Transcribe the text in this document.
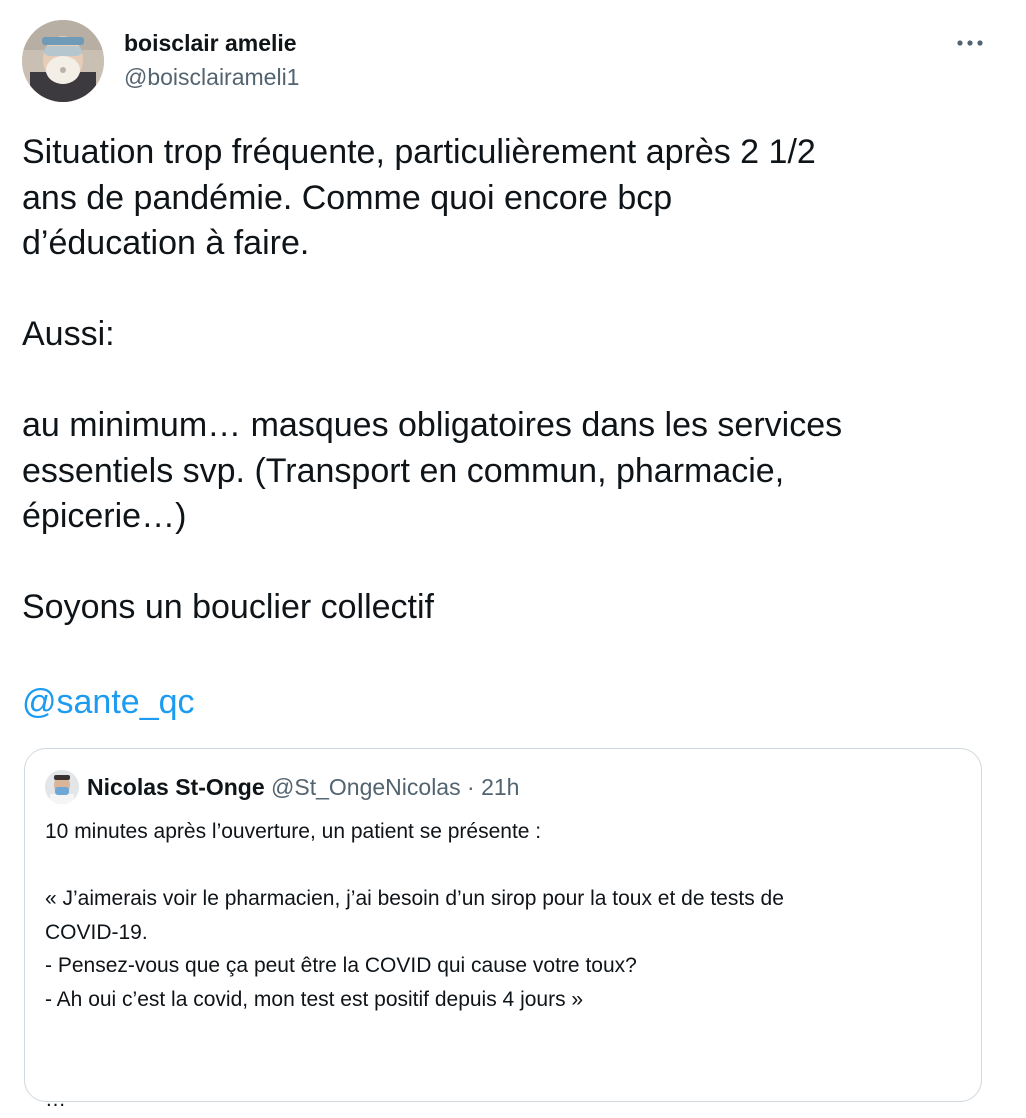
boisclair amelie
@boisclairameli1

Situation trop fréquente, particulièrement après 2 1/2
ans de pandémie. Comme quoi encore bcp
d’éducation à faire.

Aussi:

au minimum… masques obligatoires dans les services
essentiels svp. (Transport en commun, pharmacie,
épicerie…)

Soyons un bouclier collectif

@sante_qc
Nicolas St-Onge @St_OngeNicolas · 21h

10 minutes après l’ouverture, un patient se présente :

« J’aimerais voir le pharmacien, j’ai besoin d’un sirop pour la toux et de tests de
COVID-19.
- Pensez-vous que ça peut être la COVID qui cause votre toux?
- Ah oui c’est la covid, mon test est positif depuis 4 jours »

…
